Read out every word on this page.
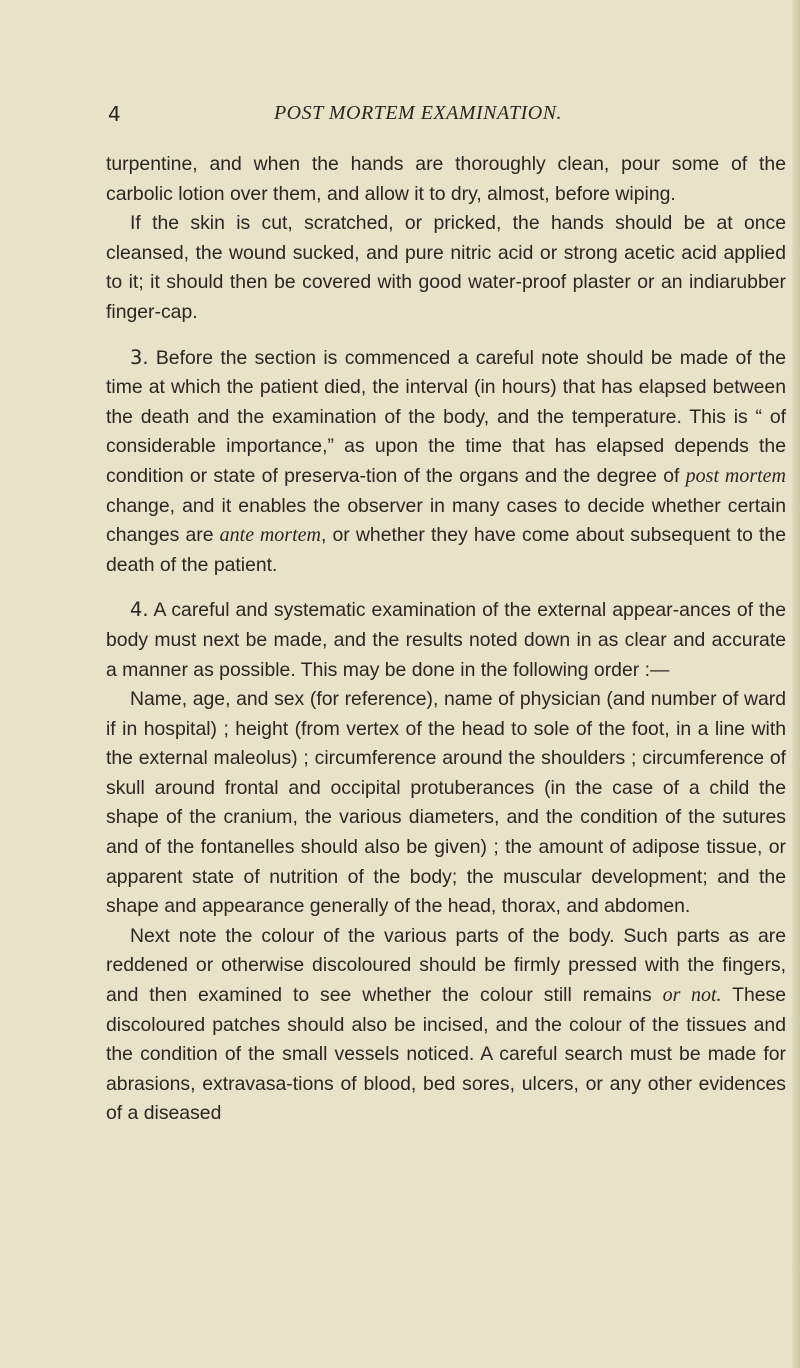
4	POST MORTEM EXAMINATION.

turpentine, and when the hands are thoroughly clean, pour some of the carbolic lotion over them, and allow it to dry, almost, before wiping.

If the skin is cut, scratched, or pricked, the hands should be at once cleansed, the wound sucked, and pure nitric acid or strong acetic acid applied to it; it should then be covered with good water-proof plaster or an indiarubber finger-cap.

3. Before the section is commenced a careful note should be made of the time at which the patient died, the interval (in hours) that has elapsed between the death and the examination of the body, and the temperature. This is “ of considerable importance,” as upon the time that has elapsed depends the condition or state of preserva-tion of the organs and the degree of post mortem change, and it enables the observer in many cases to decide whether certain changes are ante mortem, or whether they have come about subsequent to the death of the patient.

4. A careful and systematic examination of the external appear-ances of the body must next be made, and the results noted down in as clear and accurate a manner as possible. This may be done in the following order :—

Name, age, and sex (for reference), name of physician (and number of ward if in hospital) ; height (from vertex of the head to sole of the foot, in a line with the external maleolus) ; circumference around the shoulders ; circumference of skull around frontal and occipital protuberances (in the case of a child the shape of the cranium, the various diameters, and the condition of the sutures and of the fontanelles should also be given) ; the amount of adipose tissue, or apparent state of nutrition of the body; the muscular development; and the shape and appearance generally of the head, thorax, and abdomen.

Next note the colour of the various parts of the body. Such parts as are reddened or otherwise discoloured should be firmly pressed with the fingers, and then examined to see whether the colour still remains or not. These discoloured patches should also be incised, and the colour of the tissues and the condition of the small vessels noticed. A careful search must be made for abrasions, extravasa-tions of blood, bed sores, ulcers, or any other evidences of a diseased
